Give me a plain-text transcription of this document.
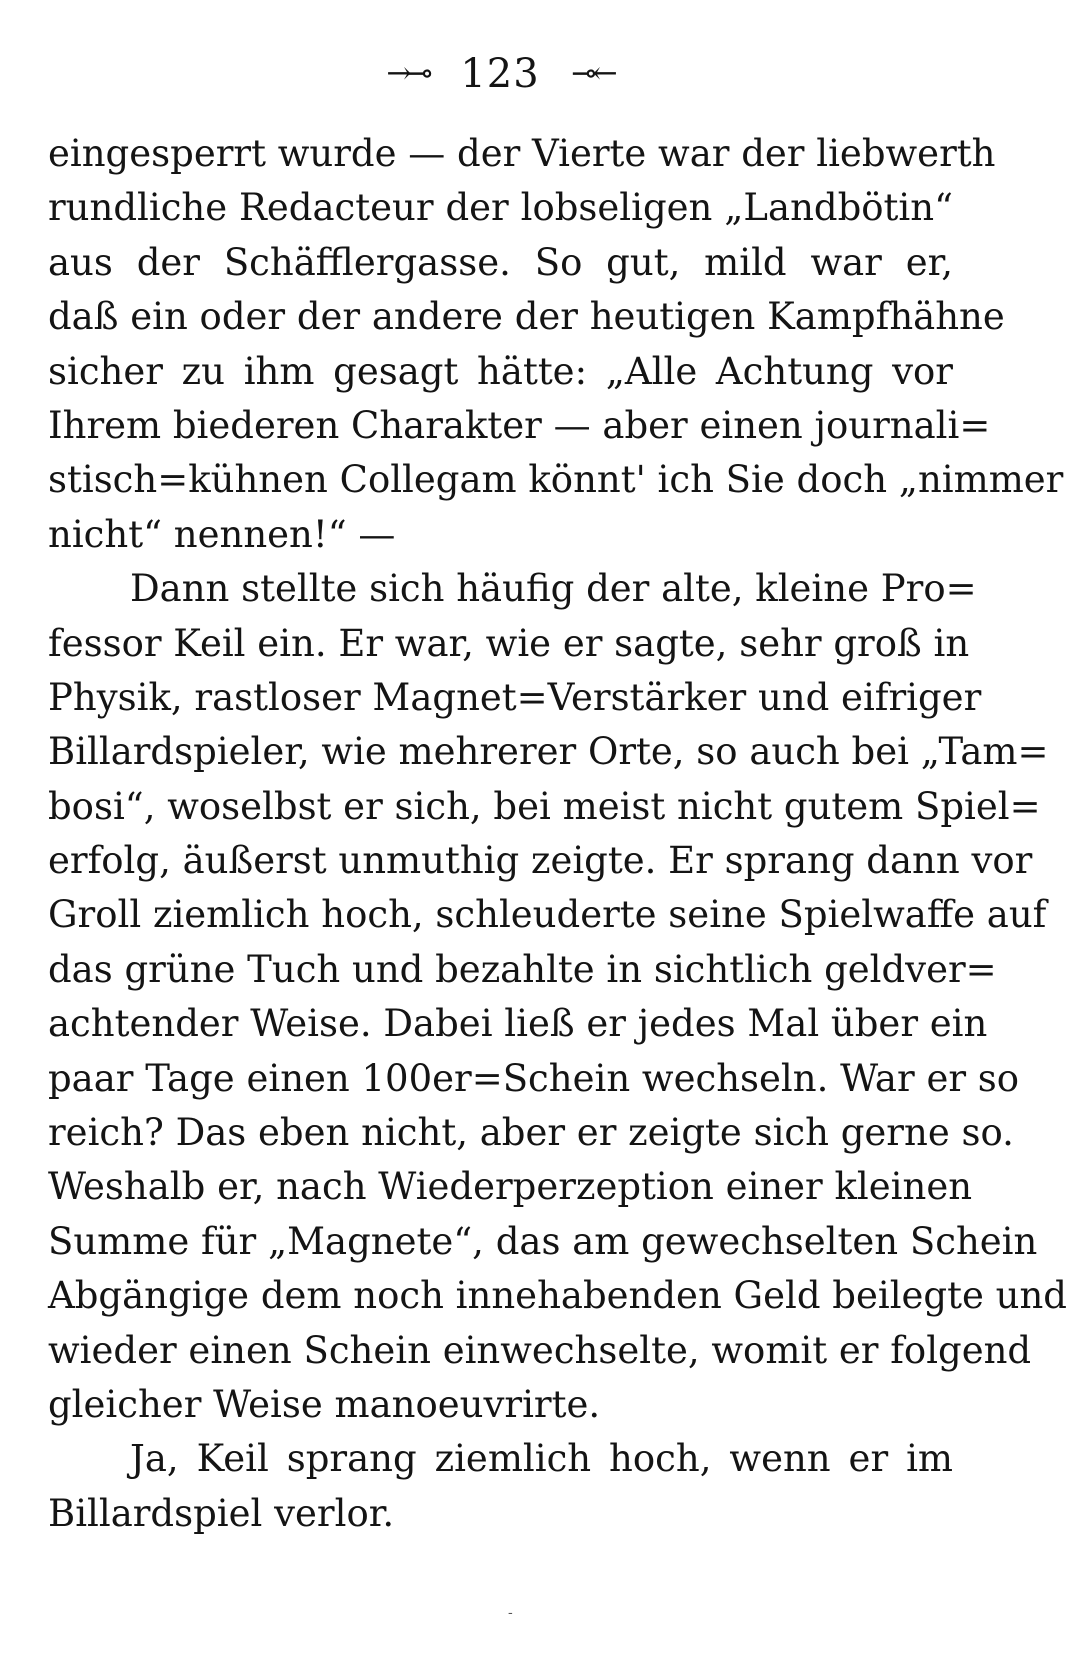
→⊸ 123 ⊸←
eingesperrt wurde — der Vierte war der liebwerth
rundliche Redacteur der lobseligen „Landbötin“
aus der Schäfflergasse. So gut, mild war er,
daß ein oder der andere der heutigen Kampfhähne
sicher zu ihm gesagt hätte: „Alle Achtung vor
Ihrem biederen Charakter — aber einen journali=
stisch=kühnen Collegam könnt' ich Sie doch „nimmer
nicht“ nennen!“ —
Dann stellte sich häufig der alte, kleine Pro=
fessor Keil ein. Er war, wie er sagte, sehr groß in
Physik, rastloser Magnet=Verstärker und eifriger
Billardspieler, wie mehrerer Orte, so auch bei „Tam=
bosi“, woselbst er sich, bei meist nicht gutem Spiel=
erfolg, äußerst unmuthig zeigte. Er sprang dann vor
Groll ziemlich hoch, schleuderte seine Spielwaffe auf
das grüne Tuch und bezahlte in sichtlich geldver=
achtender Weise. Dabei ließ er jedes Mal über ein
paar Tage einen 100er=Schein wechseln. War er so
reich? Das eben nicht, aber er zeigte sich gerne so.
Weshalb er, nach Wiederperzeption einer kleinen
Summe für „Magnete“, das am gewechselten Schein
Abgängige dem noch innehabenden Geld beilegte und
wieder einen Schein einwechselte, womit er folgend
gleicher Weise manoeuvrirte.
Ja, Keil sprang ziemlich hoch, wenn er im
Billardspiel verlor.
-
